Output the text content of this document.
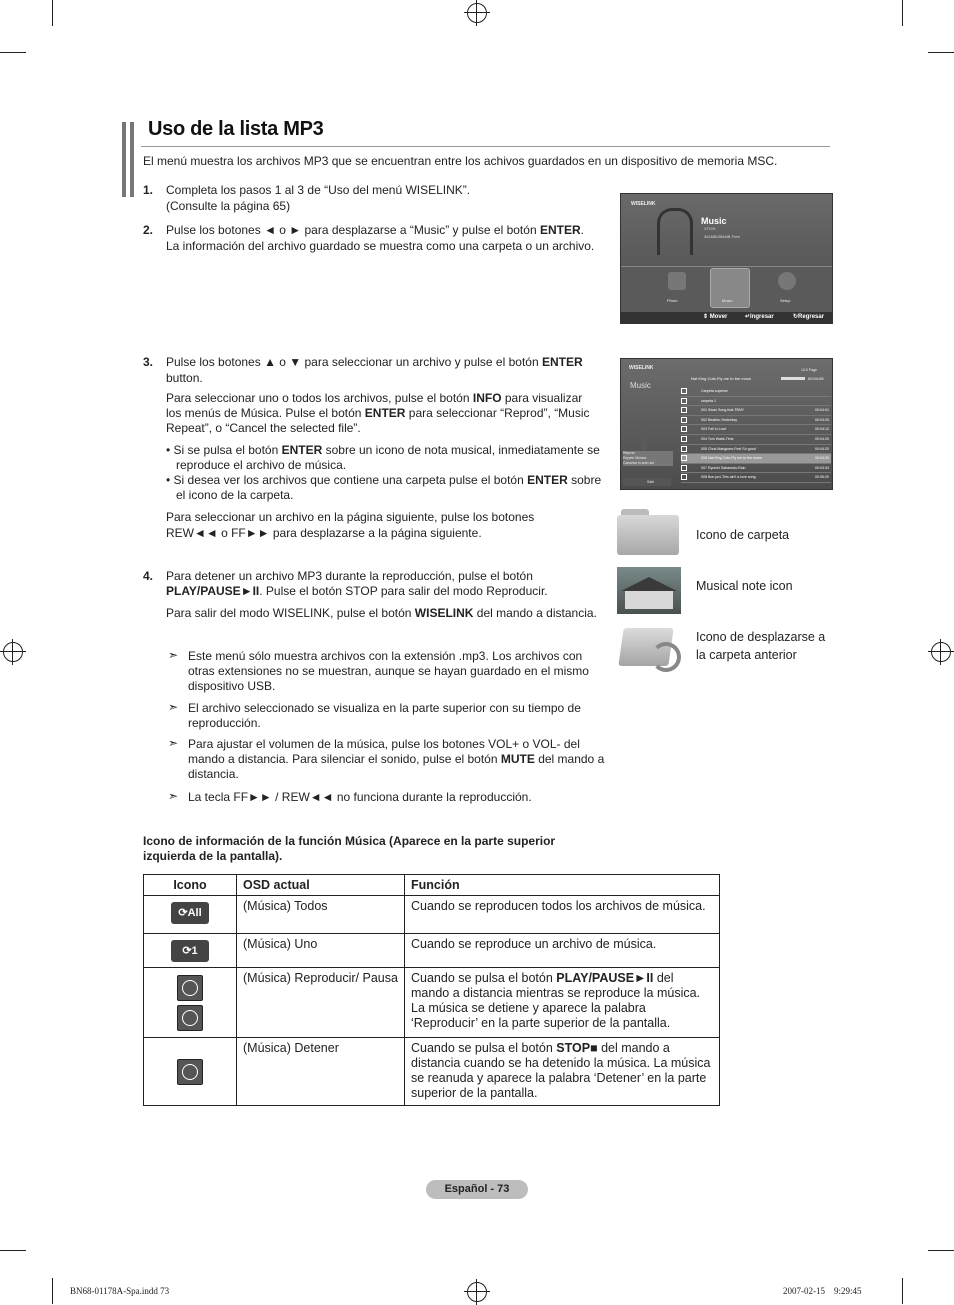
Uso de la lista MP3
El menú muestra los archivos MP3 que se encuentran entre los achivos guardados en un dispositivo de memoria MSC.
1. Completa los pasos 1 al 3 de “Uso del menú WISELINK”.
(Consulte la página 65)
2. Pulse los botones ◄ o ► para desplazarse a “Music” y pulse el botón ENTER.
La información del archivo guardado se muestra como una carpeta o un archivo.
WISELINK
Music
XTICK
361MB/384MB Free
Photo	Music	Setup
⇕ Mover	↵Ingresar	↻Regresar
3. Pulse los botones ▲ o ▼ para seleccionar un archivo y pulse el botón ENTER
button.
Para seleccionar uno o todos los archivos, pulse el botón INFO para visualizar
los menús de Música. Pulse el botón ENTER para seleccionar “Reprod”, “Music
Repeat”, o “Cancel the selected file”.
• Si se pulsa el botón ENTER sobre un icono de nota musical, inmediatamente se
reproduce el archivo de música.
• Si desea ver los archivos que contiene una carpeta pulse el botón ENTER sobre
el icono de la carpeta.
Para seleccionar un archivo en la página siguiente, pulse los botones
REW◄◄ o FF►► para desplazarse a la página siguiente.
WISELINK	1/10 Page
Nat King Cole-Fly me to the moon	00:04:05
Music
Carpeta superior
carpeta 1
001 Swan Song feat.TBNY	00:04:01
002 Beatles-Yesterday	00:04:20
003 Fall in Love	00:04:12
004 Tom Waits-Time	00:04:20
005 Chuk Mangione-Feel So good	00:04:20
006 Nat King Cole-Fly me to the moon	00:04:20
007 Ryuichi Sakamoto-Rain	00:03:34
008 Bon jovi-This ain't a love song	00:05:20
Reprod
Repetir Música
Cancelar el arch sel
Salir
4. Para detener un archivo MP3 durante la reproducción, pulse el botón
PLAY/PAUSE►II. Pulse el botón STOP para salir del modo Reproducir.
Para salir del modo WISELINK, pulse el botón WISELINK del mando a distancia.
Icono de carpeta
Musical note icon
Icono de desplazarse a
la carpeta anterior
➣ Este menú sólo muestra archivos con la extensión .mp3. Los archivos con
otras extensiones no se muestran, aunque se hayan guardado en el mismo
dispositivo USB.
➣ El archivo seleccionado se visualiza en la parte superior con su tiempo de
reproducción.
➣ Para ajustar el volumen de la música, pulse los botones VOL+ o VOL- del
mando a distancia. Para silenciar el sonido, pulse el botón MUTE del mando a
distancia.
➣ La tecla FF►► / REW◄◄ no funciona durante la reproducción.
Icono de información de la función Música (Aparece en la parte superior
izquierda de la pantalla).
Icono	OSD actual	Función

⟳All	(Música) Todos	Cuando se reproducen todos los archivos de música.

⟳1	(Música) Uno	Cuando se reproduce un archivo de música.

	(Música) Reproducir/ Pausa	Cuando se pulsa el botón PLAY/PAUSE►II del mando a distancia mientras se reproduce la música. La música se detiene y aparece la palabra ‘Reproducir’ en la parte superior de la pantalla.

	(Música) Detener	Cuando se pulsa el botón STOP■ del mando a distancia cuando se ha detenido la música. La música se reanuda y aparece la palabra ‘Detener’ en la parte superior de la pantalla.
Español - 73
BN68-01178A-Spa.indd 73	2007-02-15    9:29:45
